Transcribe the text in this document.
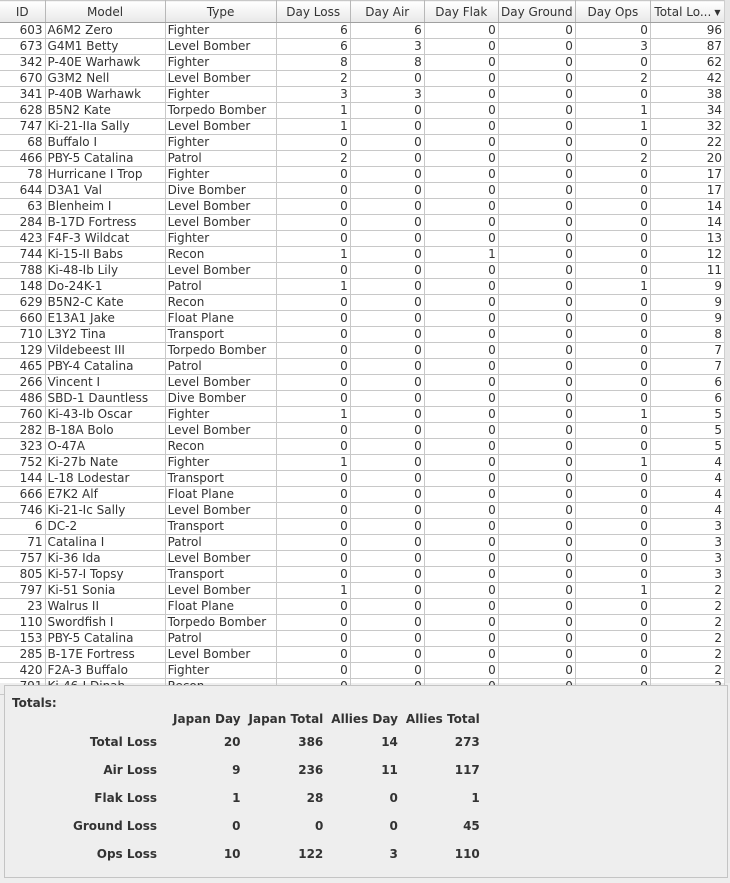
ID	Model	Type	Day Loss	Day Air	Day Flak	Day Ground	Day Ops	Total Lo... ▼
603	A6M2 Zero	Fighter	6	6	0	0	0	96
673	G4M1 Betty	Level Bomber	6	3	0	0	3	87
342	P-40E Warhawk	Fighter	8	8	0	0	0	62
670	G3M2 Nell	Level Bomber	2	0	0	0	2	42
341	P-40B Warhawk	Fighter	3	3	0	0	0	38
628	B5N2 Kate	Torpedo Bomber	1	0	0	0	1	34
747	Ki-21-IIa Sally	Level Bomber	1	0	0	0	1	32
68	Buffalo I	Fighter	0	0	0	0	0	22
466	PBY-5 Catalina	Patrol	2	0	0	0	2	20
78	Hurricane I Trop	Fighter	0	0	0	0	0	17
644	D3A1 Val	Dive Bomber	0	0	0	0	0	17
63	Blenheim I	Level Bomber	0	0	0	0	0	14
284	B-17D Fortress	Level Bomber	0	0	0	0	0	14
423	F4F-3 Wildcat	Fighter	0	0	0	0	0	13
744	Ki-15-II Babs	Recon	1	0	1	0	0	12
788	Ki-48-Ib Lily	Level Bomber	0	0	0	0	0	11
148	Do-24K-1	Patrol	1	0	0	0	1	9
629	B5N2-C Kate	Recon	0	0	0	0	0	9
660	E13A1 Jake	Float Plane	0	0	0	0	0	9
710	L3Y2 Tina	Transport	0	0	0	0	0	8
129	Vildebeest III	Torpedo Bomber	0	0	0	0	0	7
465	PBY-4 Catalina	Patrol	0	0	0	0	0	7
266	Vincent I	Level Bomber	0	0	0	0	0	6
486	SBD-1 Dauntless	Dive Bomber	0	0	0	0	0	6
760	Ki-43-Ib Oscar	Fighter	1	0	0	0	1	5
282	B-18A Bolo	Level Bomber	0	0	0	0	0	5
323	O-47A	Recon	0	0	0	0	0	5
752	Ki-27b Nate	Fighter	1	0	0	0	1	4
144	L-18 Lodestar	Transport	0	0	0	0	0	4
666	E7K2 Alf	Float Plane	0	0	0	0	0	4
746	Ki-21-Ic Sally	Level Bomber	0	0	0	0	0	4
6	DC-2	Transport	0	0	0	0	0	3
71	Catalina I	Patrol	0	0	0	0	0	3
757	Ki-36 Ida	Level Bomber	0	0	0	0	0	3
805	Ki-57-I Topsy	Transport	0	0	0	0	0	3
797	Ki-51 Sonia	Level Bomber	1	0	0	0	1	2
23	Walrus II	Float Plane	0	0	0	0	0	2
110	Swordfish I	Torpedo Bomber	0	0	0	0	0	2
153	PBY-5 Catalina	Patrol	0	0	0	0	0	2
285	B-17E Fortress	Level Bomber	0	0	0	0	0	2
420	F2A-3 Buffalo	Fighter	0	0	0	0	0	2

Totals:
	Japan Day	Japan Total	Allies Day	Allies Total
Total Loss	20	386	14	273
Air Loss	9	236	11	117
Flak Loss	1	28	0	1
Ground Loss	0	0	0	45
Ops Loss	10	122	3	110
